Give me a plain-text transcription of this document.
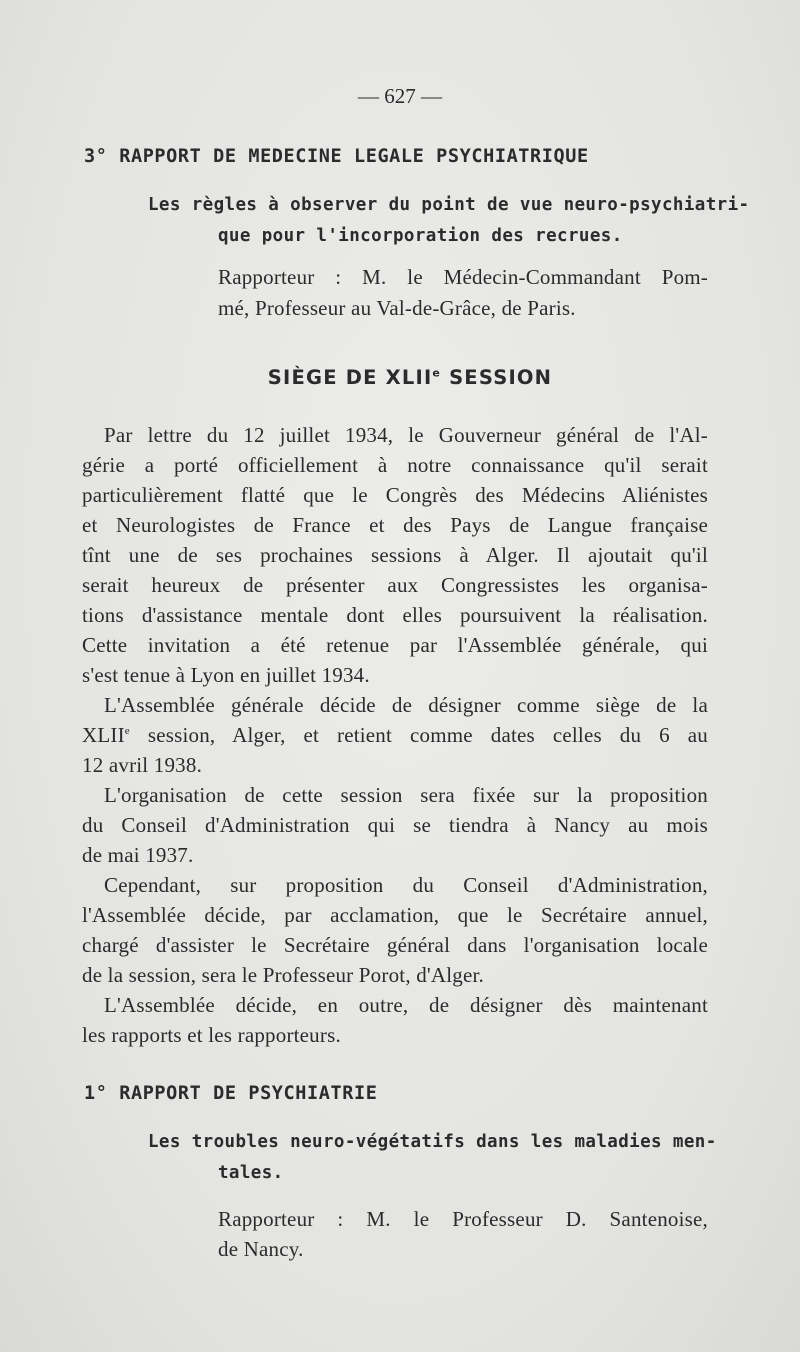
— 627 —
3° RAPPORT DE MEDECINE LEGALE PSYCHIATRIQUE
Les règles à observer du point de vue neuro-psychiatri-
que pour l'incorporation des recrues.
Rapporteur : M. le Médecin-Commandant Pom-
mé, Professeur au Val-de-Grâce, de Paris.
SIÈGE DE XLIIe SESSION
Par lettre du 12 juillet 1934, le Gouverneur général de l'Al-
gérie a porté officiellement à notre connaissance qu'il serait
particulièrement flatté que le Congrès des Médecins Aliénistes
et Neurologistes de France et des Pays de Langue française
tînt une de ses prochaines sessions à Alger. Il ajoutait qu'il
serait heureux de présenter aux Congressistes les organisa-
tions d'assistance mentale dont elles poursuivent la réalisation.
Cette invitation a été retenue par l'Assemblée générale, qui
s'est tenue à Lyon en juillet 1934.
L'Assemblée générale décide de désigner comme siège de la
XLIIe session, Alger, et retient comme dates celles du 6 au
12 avril 1938.
L'organisation de cette session sera fixée sur la proposition
du Conseil d'Administration qui se tiendra à Nancy au mois
de mai 1937.
Cependant, sur proposition du Conseil d'Administration,
l'Assemblée décide, par acclamation, que le Secrétaire annuel,
chargé d'assister le Secrétaire général dans l'organisation locale
de la session, sera le Professeur Porot, d'Alger.
L'Assemblée décide, en outre, de désigner dès maintenant
les rapports et les rapporteurs.
1° RAPPORT DE PSYCHIATRIE
Les troubles neuro-végétatifs dans les maladies men-
tales.
Rapporteur : M. le Professeur D. Santenoise,
de Nancy.
